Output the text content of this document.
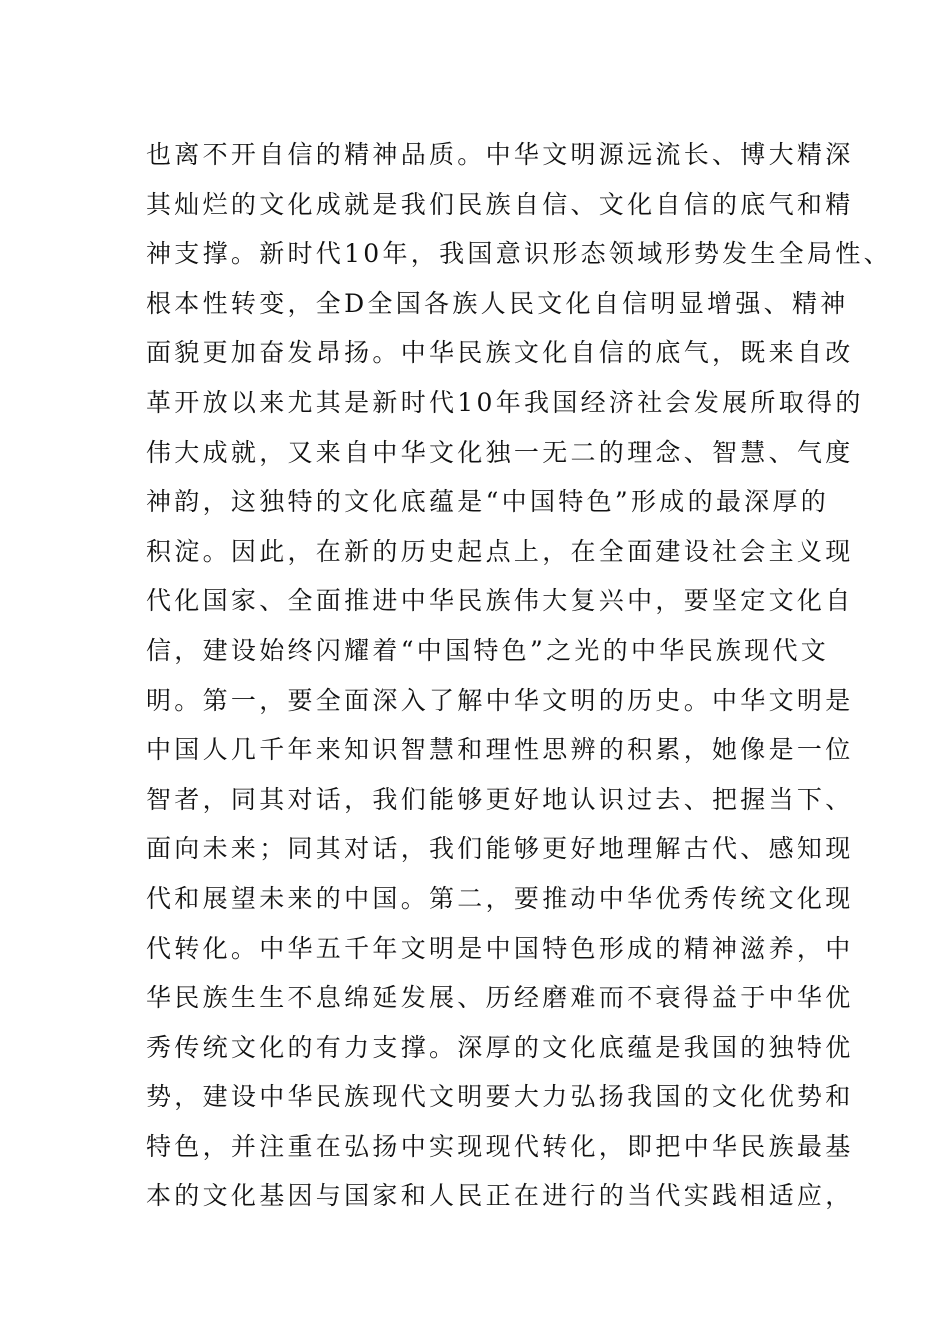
也离不开自信的精神品质。中华文明源远流长、博大精深
其灿烂的文化成就是我们民族自信、文化自信的底气和精
神支撑。新时代10年，我国意识形态领域形势发生全局性、
根本性转变，全D全国各族人民文化自信明显增强、精神
面貌更加奋发昂扬。中华民族文化自信的底气，既来自改
革开放以来尤其是新时代10年我国经济社会发展所取得的
伟大成就，又来自中华文化独一无二的理念、智慧、气度
神韵，这独特的文化底蕴是“中国特色”形成的最深厚的
积淀。因此，在新的历史起点上，在全面建设社会主义现
代化国家、全面推进中华民族伟大复兴中，要坚定文化自
信，建设始终闪耀着“中国特色”之光的中华民族现代文
明。第一，要全面深入了解中华文明的历史。中华文明是
中国人几千年来知识智慧和理性思辨的积累，她像是一位
智者，同其对话，我们能够更好地认识过去、把握当下、
面向未来；同其对话，我们能够更好地理解古代、感知现
代和展望未来的中国。第二，要推动中华优秀传统文化现
代转化。中华五千年文明是中国特色形成的精神滋养，中
华民族生生不息绵延发展、历经磨难而不衰得益于中华优
秀传统文化的有力支撑。深厚的文化底蕴是我国的独特优
势，建设中华民族现代文明要大力弘扬我国的文化优势和
特色，并注重在弘扬中实现现代转化，即把中华民族最基
本的文化基因与国家和人民正在进行的当代实践相适应，
